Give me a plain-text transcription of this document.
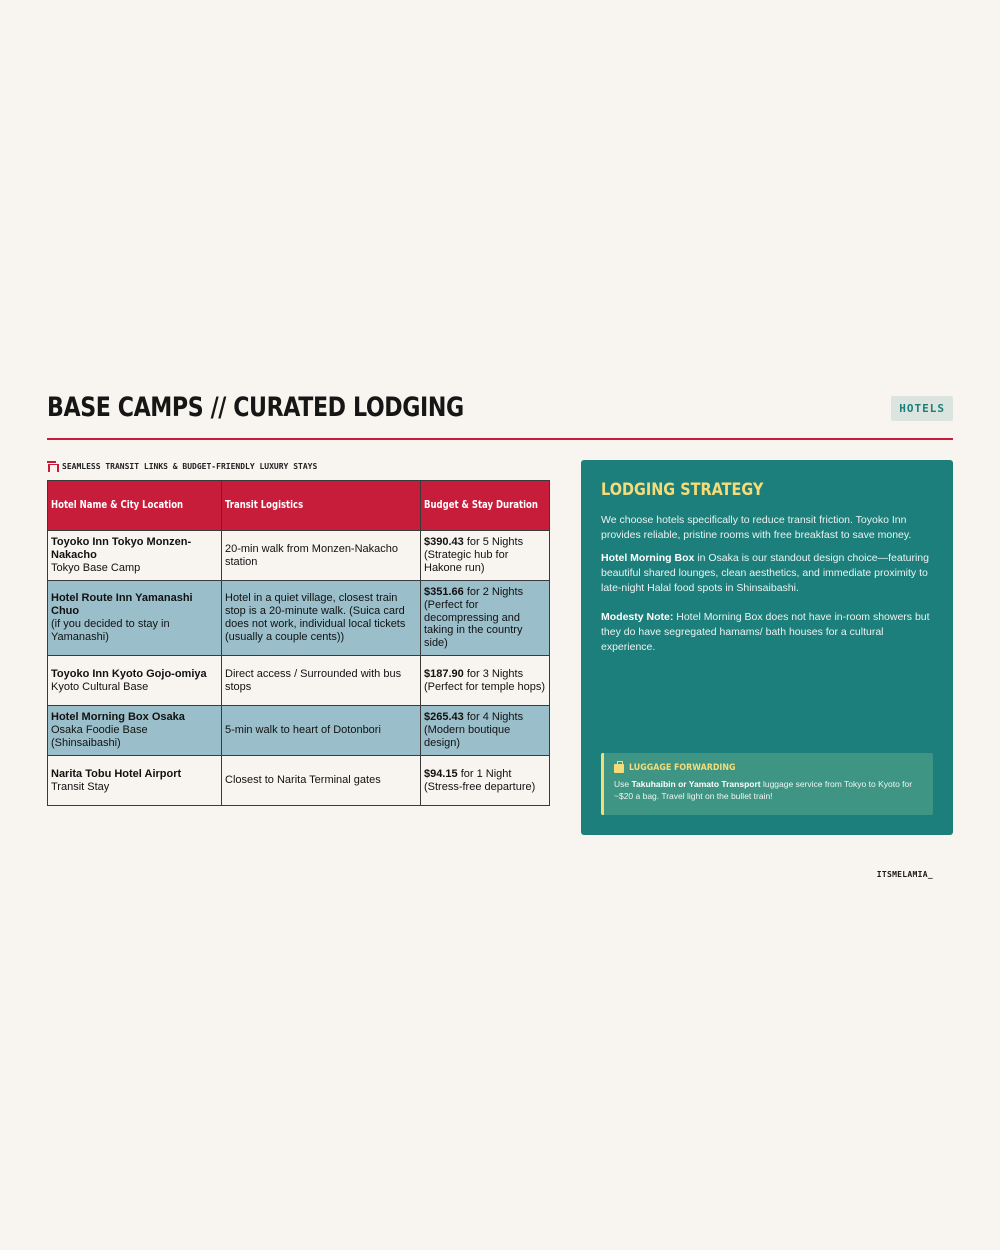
BASE CAMPS // CURATED LODGING	HOTELS
SEAMLESS TRANSIT LINKS & BUDGET-FRIENDLY LUXURY STAYS
Hotel Name & City Location	Transit Logistics	Budget & Stay Duration

Toyoko Inn Tokyo Monzen-Nakacho
Tokyo Base Camp	20-min walk from Monzen-Nakacho station	$390.43 for 5 Nights (Strategic hub for Hakone run)

Hotel Route Inn Yamanashi Chuo
(if you decided to stay in Yamanashi)	Hotel in a quiet village, closest train stop is a 20-minute walk. (Suica card does not work, individual local tickets (usually a couple cents))	$351.66 for 2 Nights (Perfect for decompressing and taking in the country side)

Toyoko Inn Kyoto Gojo-omiya
Kyoto Cultural Base	Direct access / Surrounded with bus stops	$187.90 for 3 Nights (Perfect for temple hops)

Hotel Morning Box Osaka
Osaka Foodie Base (Shinsaibashi)	5-min walk to heart of Dotonbori	$265.43 for 4 Nights (Modern boutique design)

Narita Tobu Hotel Airport
Transit Stay	Closest to Narita Terminal gates	$94.15 for 1 Night (Stress-free departure)
LODGING STRATEGY

We choose hotels specifically to reduce transit friction. Toyoko Inn provides reliable, pristine rooms with free breakfast to save money.

Hotel Morning Box in Osaka is our standout design choice—featuring beautiful shared lounges, clean aesthetics, and immediate proximity to late-night Halal food spots in Shinsaibashi.

Modesty Note: Hotel Morning Box does not have in-room showers but they do have segregated hamams/ bath houses for a cultural experience.

LUGGAGE FORWARDING
Use Takuhaibin or Yamato Transport luggage service from Tokyo to Kyoto for ~$20 a bag. Travel light on the bullet train!
ITSMELAMIA_
